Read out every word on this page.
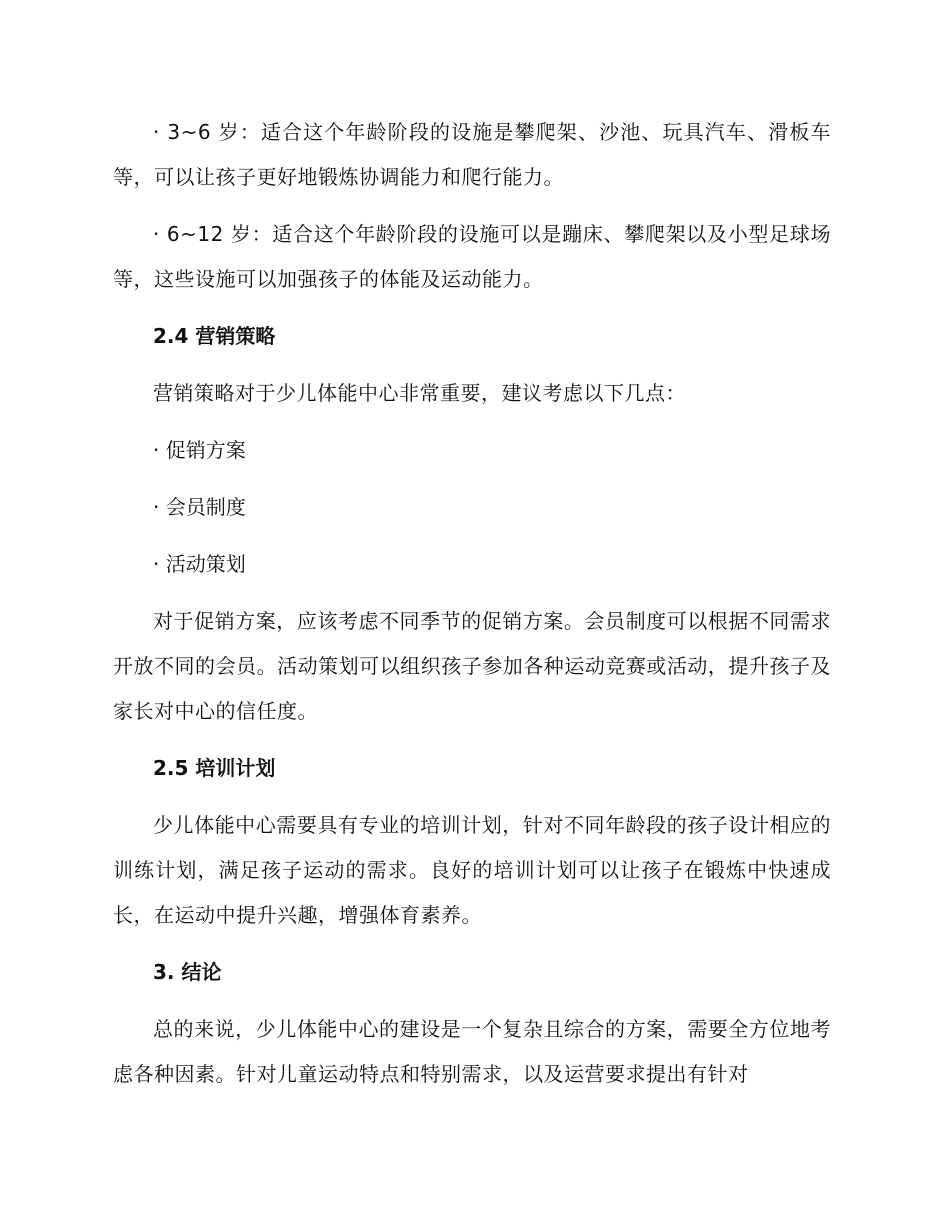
· 3~6 岁：适合这个年龄阶段的设施是攀爬架、沙池、玩具汽车、滑板车等，可以让孩子更好地锻炼协调能力和爬行能力。

· 6~12 岁：适合这个年龄阶段的设施可以是蹦床、攀爬架以及小型足球场等，这些设施可以加强孩子的体能及运动能力。

2.4 营销策略

营销策略对于少儿体能中心非常重要，建议考虑以下几点：

· 促销方案

· 会员制度

· 活动策划

对于促销方案，应该考虑不同季节的促销方案。会员制度可以根据不同需求开放不同的会员。活动策划可以组织孩子参加各种运动竞赛或活动，提升孩子及家长对中心的信任度。

2.5 培训计划

少儿体能中心需要具有专业的培训计划，针对不同年龄段的孩子设计相应的训练计划，满足孩子运动的需求。良好的培训计划可以让孩子在锻炼中快速成长，在运动中提升兴趣，增强体育素养。

3. 结论

总的来说，少儿体能中心的建设是一个复杂且综合的方案，需要全方位地考虑各种因素。针对儿童运动特点和特别需求，以及运营要求提出有针对
